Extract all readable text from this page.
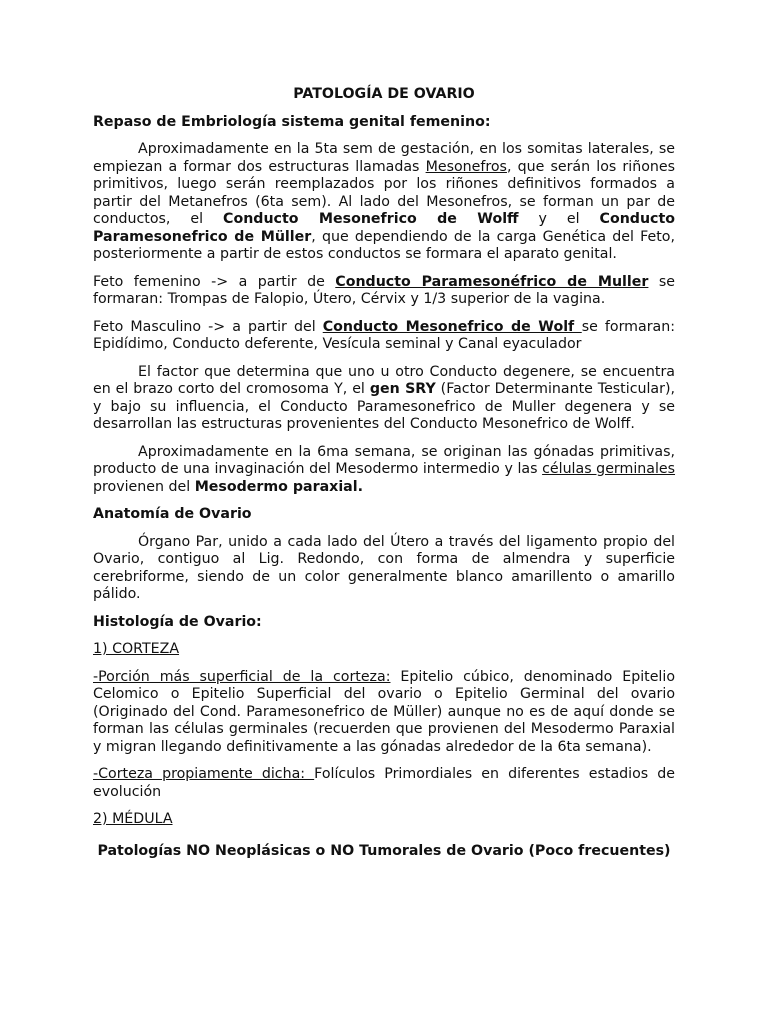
PATOLOGÍA DE OVARIO
Repaso de Embriología sistema genital femenino:

Aproximadamente en la 5ta sem de gestación, en los somitas laterales, se empiezan a formar dos estructuras llamadas Mesonefros, que serán los riñones primitivos, luego serán reemplazados por los riñones definitivos formados a partir del Metanefros (6ta sem). Al lado del Mesonefros, se forman un par de conductos, el Conducto Mesonefrico de Wolff y el Conducto Paramesonefrico de Müller, que dependiendo de la carga Genética del Feto, posteriormente a partir de estos conductos se formara el aparato genital.

Feto femenino -> a partir de Conducto Paramesonéfrico de Muller se formaran: Trompas de Falopio, Útero, Cérvix y 1/3 superior de la vagina.

Feto Masculino -> a partir del Conducto Mesonefrico de Wolf se formaran: Epidídimo, Conducto deferente, Vesícula seminal y Canal eyaculador

El factor que determina que uno u otro Conducto degenere, se encuentra en el brazo corto del cromosoma Y, el gen SRY (Factor Determinante Testicular), y bajo su influencia, el Conducto Paramesonefrico de Muller degenera y se desarrollan las estructuras provenientes del Conducto Mesonefrico de Wolff.

Aproximadamente en la 6ma semana, se originan las gónadas primitivas, producto de una invaginación del Mesodermo intermedio y las células germinales provienen del Mesodermo paraxial.

Anatomía de Ovario

Órgano Par, unido a cada lado del Útero a través del ligamento propio del Ovario, contiguo al Lig. Redondo, con forma de almendra y superficie cerebriforme, siendo de un color generalmente blanco amarillento o amarillo pálido.

Histología de Ovario:

1) CORTEZA

-Porción más superficial de la corteza: Epitelio cúbico, denominado Epitelio Celomico o Epitelio Superficial del ovario o Epitelio Germinal del ovario (Originado del Cond. Paramesonefrico de Müller) aunque no es de aquí donde se forman las células germinales (recuerden que provienen del Mesodermo Paraxial y migran llegando definitivamente a las gónadas alrededor de la 6ta semana).

-Corteza propiamente dicha: Folículos Primordiales en diferentes estadios de evolución

2) MÉDULA

Patologías NO Neoplásicas o NO Tumorales de Ovario (Poco frecuentes)
